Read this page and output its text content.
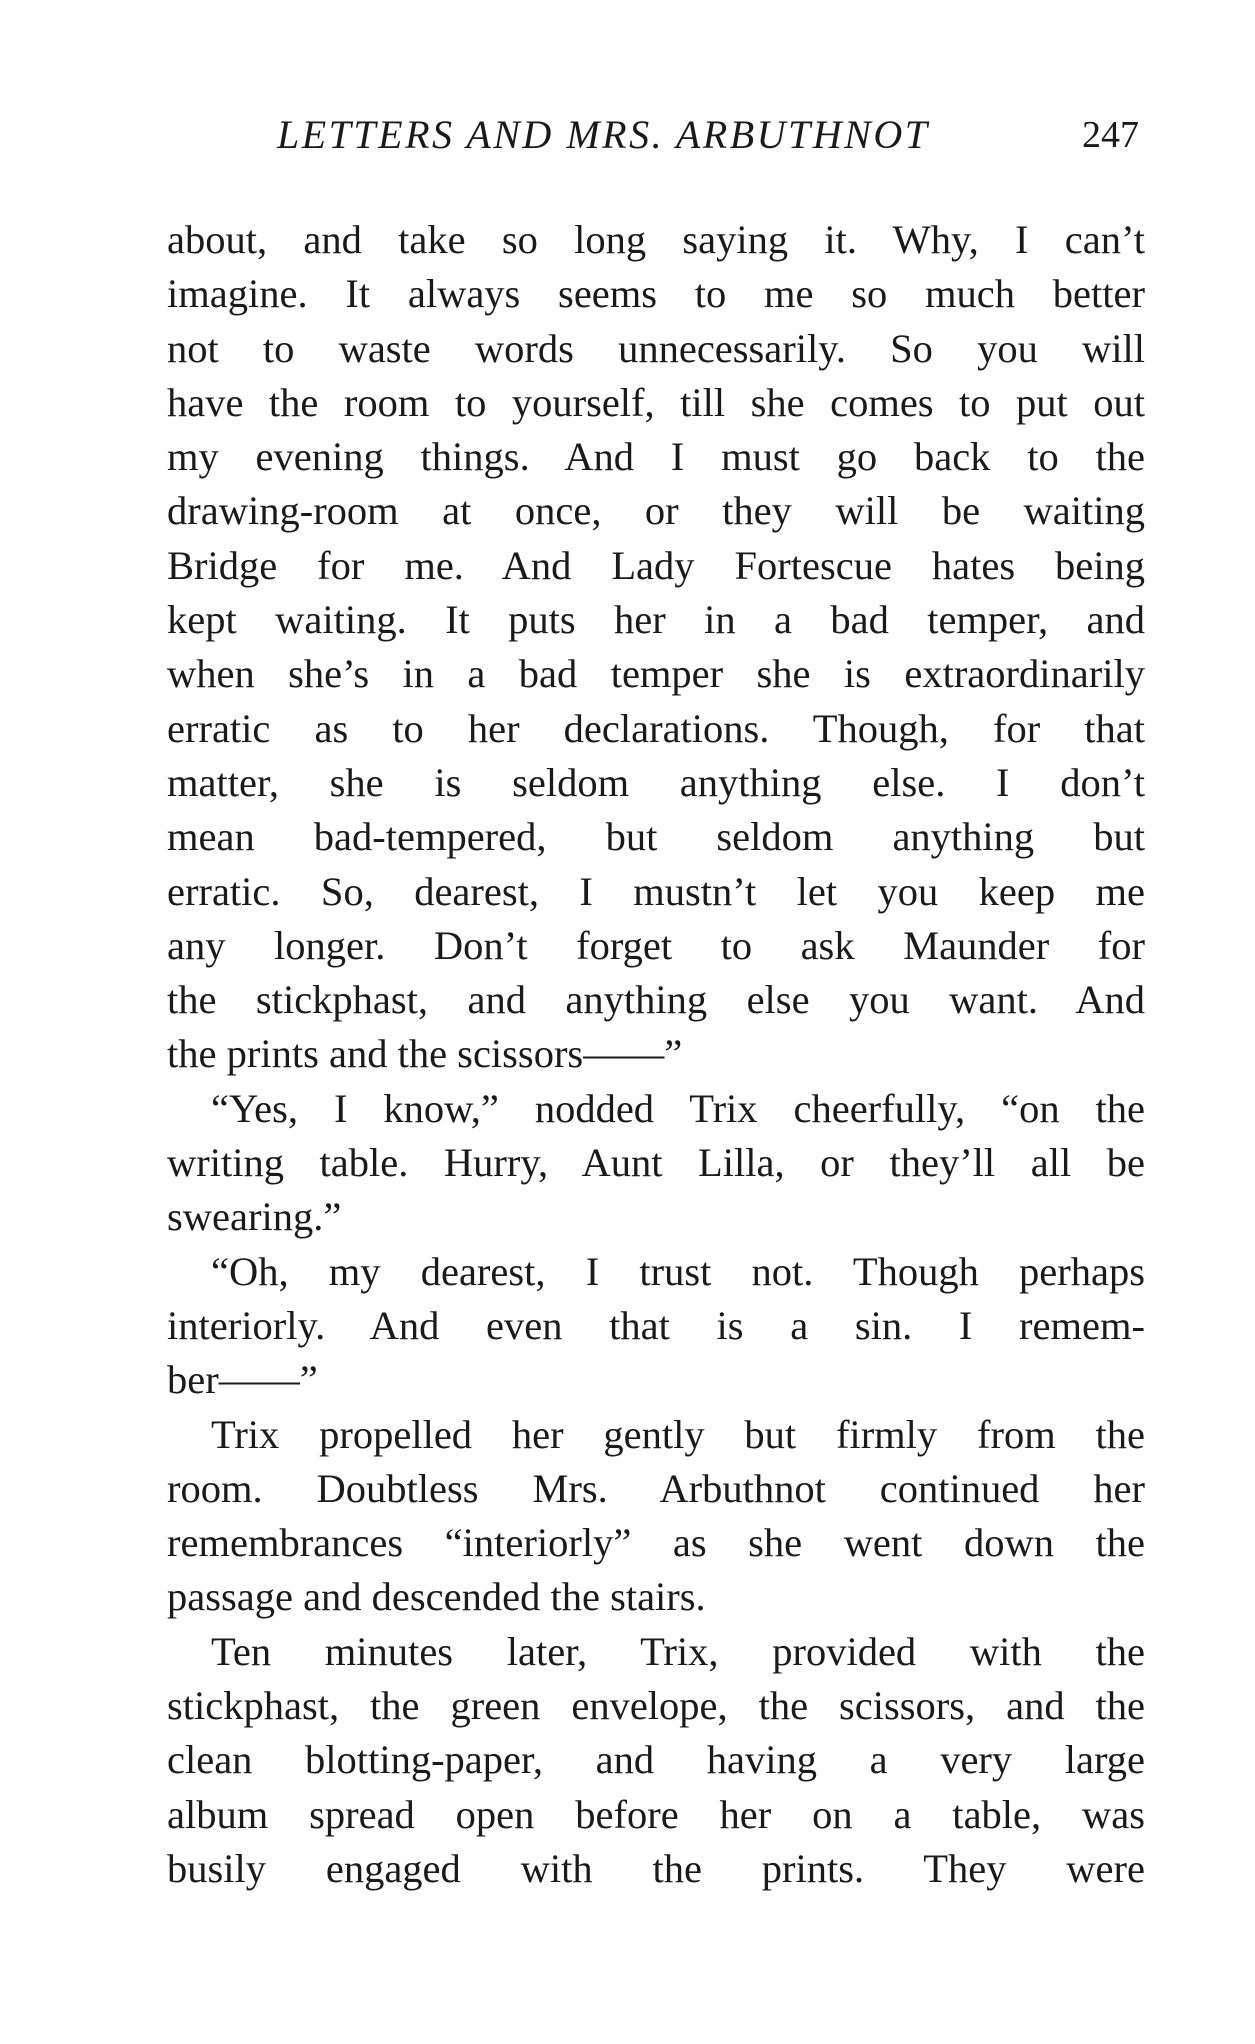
LETTERS AND MRS. ARBUTHNOT	247

about, and take so long saying it. Why, I can’t
imagine. It always seems to me so much better
not to waste words unnecessarily. So you will
have the room to yourself, till she comes to put out
my evening things. And I must go back to the
drawing-room at once, or they will be waiting
Bridge for me. And Lady Fortescue hates being
kept waiting. It puts her in a bad temper, and
when she’s in a bad temper she is extraordinarily
erratic as to her declarations. Though, for that
matter, she is seldom anything else. I don’t
mean bad-tempered, but seldom anything but
erratic. So, dearest, I mustn’t let you keep me
any longer. Don’t forget to ask Maunder for
the stickphast, and anything else you want. And
the prints and the scissors——”

“Yes, I know,” nodded Trix cheerfully, “on the
writing table. Hurry, Aunt Lilla, or they’ll all be
swearing.”

“Oh, my dearest, I trust not. Though perhaps
interiorly. And even that is a sin. I remem-
ber——”

Trix propelled her gently but firmly from the
room. Doubtless Mrs. Arbuthnot continued her
remembrances “interiorly” as she went down the
passage and descended the stairs.

Ten minutes later, Trix, provided with the
stickphast, the green envelope, the scissors, and the
clean blotting-paper, and having a very large
album spread open before her on a table, was
busily engaged with the prints. They were
